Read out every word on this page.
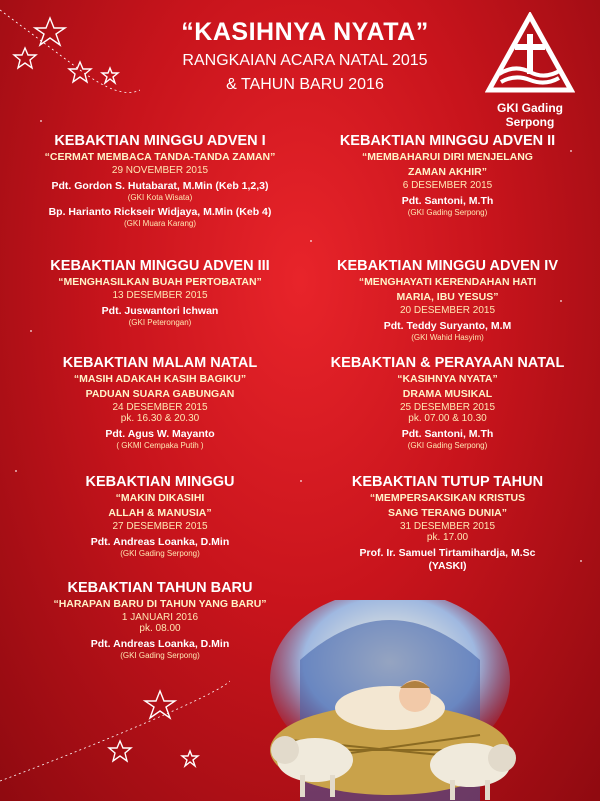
“KASIHNYA NYATA”
RANGKAIAN ACARA NATAL 2015
& TAHUN BARU 2016
GKI Gading Serpong
KEBAKTIAN MINGGU ADVEN I
“CERMAT MEMBACA TANDA-TANDA ZAMAN”
29 NOVEMBER 2015
Pdt. Gordon S. Hutabarat, M.Min (Keb 1,2,3)
(GKI Kota Wisata)
Bp. Harianto Rickseir Widjaya, M.Min (Keb 4)
(GKI Muara Karang)
KEBAKTIAN MINGGU ADVEN II
“MEMBAHARUI DIRI MENJELANG
ZAMAN AKHIR”
6 DESEMBER 2015
Pdt. Santoni, M.Th
(GKI Gading Serpong)
KEBAKTIAN MINGGU ADVEN III
“MENGHASILKAN BUAH PERTOBATAN”
13 DESEMBER 2015
Pdt. Juswantori Ichwan
(GKI Peterongan)
KEBAKTIAN MINGGU ADVEN IV
“MENGHAYATI KERENDAHAN HATI
MARIA, IBU YESUS”
20 DESEMBER 2015
Pdt. Teddy Suryanto, M.M
(GKI Wahid Hasyim)
KEBAKTIAN MALAM NATAL
“MASIH ADAKAH KASIH BAGIKU”
PADUAN SUARA GABUNGAN
24 DESEMBER 2015
pk. 16.30 & 20.30
Pdt. Agus W. Mayanto
( GKMI Cempaka Putih )
KEBAKTIAN & PERAYAAN NATAL
“KASIHNYA NYATA”
DRAMA MUSIKAL
25 DESEMBER 2015
pk. 07.00 & 10.30
Pdt. Santoni, M.Th
(GKI Gading Serpong)
KEBAKTIAN MINGGU
“MAKIN DIKASIHI
ALLAH & MANUSIA”
27 DESEMBER 2015
Pdt. Andreas Loanka, D.Min
(GKI Gading Serpong)
KEBAKTIAN TUTUP TAHUN
“MEMPERSAKSIKAN KRISTUS
SANG TERANG DUNIA”
31 DESEMBER 2015
pk. 17.00
Prof. Ir. Samuel Tirtamihardja, M.Sc
(YASKI)
KEBAKTIAN TAHUN BARU
“HARAPAN BARU DI TAHUN YANG BARU”
1 JANUARI 2016
pk. 08.00
Pdt. Andreas Loanka, D.Min
(GKI Gading Serpong)
